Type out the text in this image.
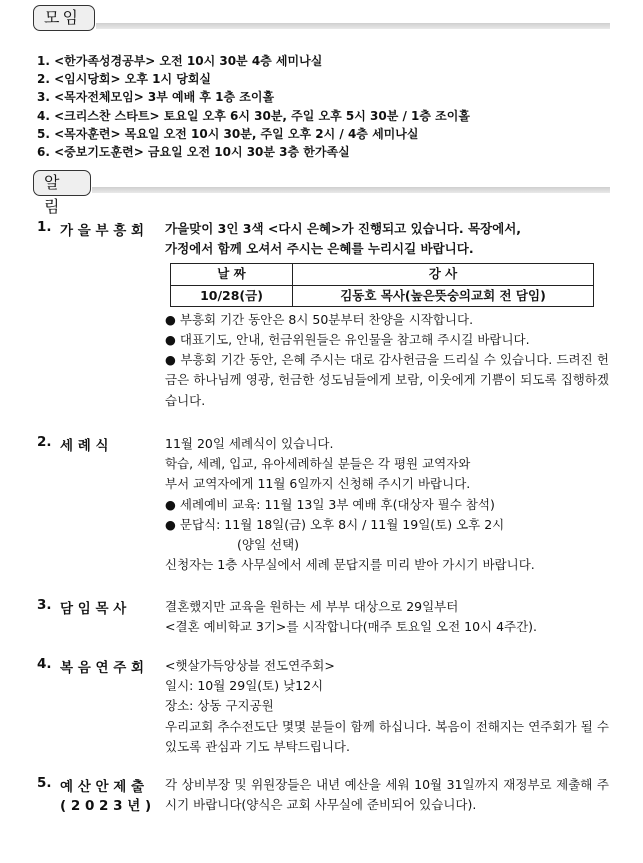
모임
1. <한가족성경공부> 오전 10시 30분 4층 세미나실
2. <임시당회> 오후 1시 당회실
3. <목자전체모임> 3부 예배 후 1층 조이홀
4. <크리스찬 스타트> 토요일 오후 6시 30분, 주일 오후 5시 30분 / 1층 조이홀
5. <목자훈련> 목요일 오전 10시 30분, 주일 오후 2시 / 4층 세미나실
6. <중보기도훈련> 금요일 오전 10시 30분 3층 한가족실
알림
1. 가 을 부 흥 회 가을맞이 3인 3색 <다시 은혜>가 진행되고 있습니다. 목장에서,

가정에서 함께 오셔서 주시는 은혜를 누리시길 바랍니다.

날 짜	강 사
10/28(금)	김동호 목사(높은뜻숭의교회 전 담임)

● 부흥회 기간 동안은 8시 50분부터 찬양을 시작합니다.

● 대표기도, 안내, 헌금위원들은 유인물을 참고해 주시길 바랍니다.

● 부흥회 기간 동안, 은혜 주시는 대로 감사헌금을 드리실 수 있습니다. 드려진 헌금은 하나님께 영광, 헌금한 성도님들에게 보람, 이웃에게 기쁨이 되도록 집행하겠습니다.

2. 세 례 식	11월 20일 세례식이 있습니다.

학습, 세례, 입교, 유아세례하실 분들은 각 평원 교역자와

부서 교역자에게 11월 6일까지 신청해 주시기 바랍니다.

● 세례예비 교육: 11월 13일 3부 예배 후(대상자 필수 참석)

● 문답식: 11월 18일(금) 오후 8시 / 11월 19일(토) 오후 2시

(양일 선택)

신청자는 1층 사무실에서 세례 문답지를 미리 받아 가시기 바랍니다.

3. 담 임 목 사	결혼했지만 교육을 원하는 세 부부 대상으로 29일부터

<결혼 예비학교 3기>를 시작합니다(매주 토요일 오전 10시 4주간).

4. 복 음 연 주 회 <햇살가득앙상블 전도연주회>

일시: 10월 29일(토) 낮12시

장소: 상동 구지공원

우리교회 추수전도단 몇몇 분들이 함께 하십니다. 복음이 전해지는 연주회가 될 수 있도록 관심과 기도 부탁드립니다.

5. 예 산 안 제 출
( 2 0 2 3 년 )

각 상비부장 및 위원장들은 내년 예산을 세워 10월 31일까지 재정부로 제출해 주시기 바랍니다(양식은 교회 사무실에 준비되어 있습니다).
